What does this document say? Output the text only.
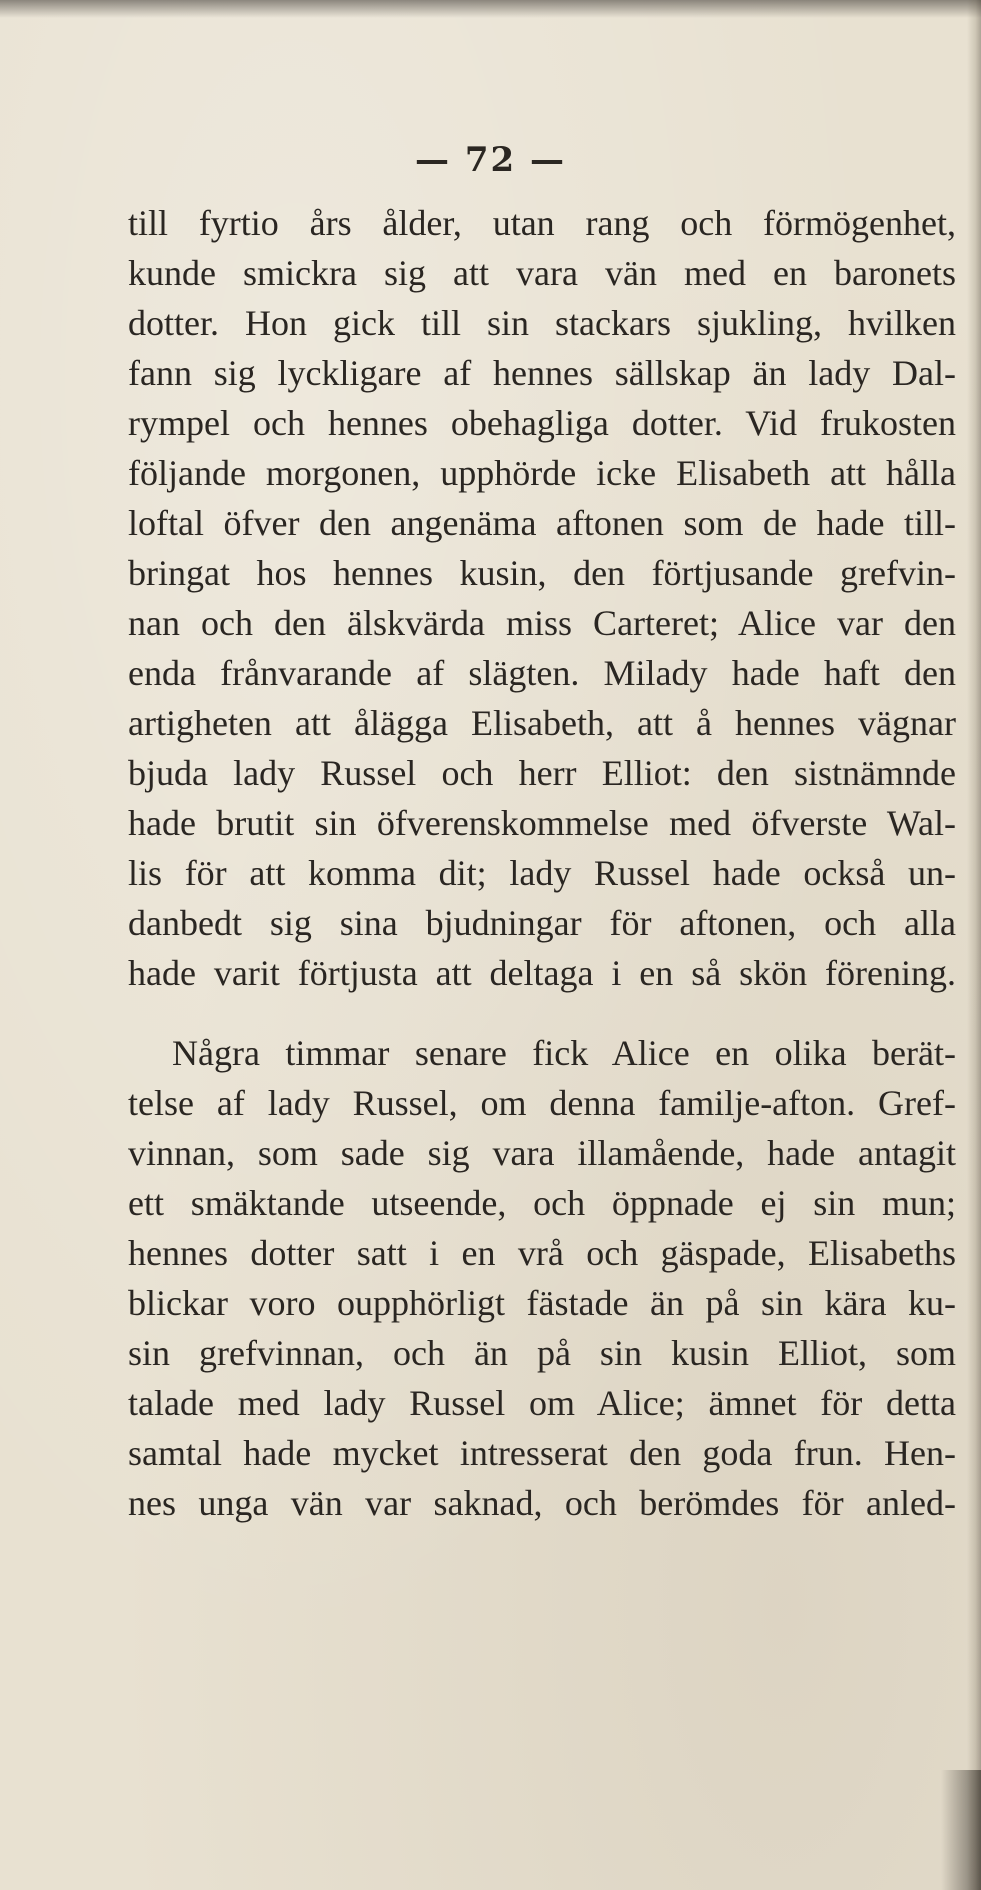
— 72 —
till fyrtio års ålder, utan rang och förmögenhet,
kunde smickra sig att vara vän med en baronets
dotter. Hon gick till sin stackars sjukling, hvilken
fann sig lyckligare af hennes sällskap än lady Dal-
rympel och hennes obehagliga dotter. Vid frukosten
följande morgonen, upphörde icke Elisabeth att hålla
loftal öfver den angenäma aftonen som de hade till-
bringat hos hennes kusin, den förtjusande grefvin-
nan och den älskvärda miss Carteret; Alice var den
enda frånvarande af slägten. Milady hade haft den
artigheten att ålägga Elisabeth, att å hennes vägnar
bjuda lady Russel och herr Elliot: den sistnämnde
hade brutit sin öfverenskommelse med öfverste Wal-
lis för att komma dit; lady Russel hade också un-
danbedt sig sina bjudningar för aftonen, och alla
hade varit förtjusta att deltaga i en så skön förening.
Några timmar senare fick Alice en olika berät-
telse af lady Russel, om denna familje-afton. Gref-
vinnan, som sade sig vara illamående, hade antagit
ett smäktande utseende, och öppnade ej sin mun;
hennes dotter satt i en vrå och gäspade, Elisabeths
blickar voro oupphörligt fästade än på sin kära ku-
sin grefvinnan, och än på sin kusin Elliot, som
talade med lady Russel om Alice; ämnet för detta
samtal hade mycket intresserat den goda frun. Hen-
nes unga vän var saknad, och berömdes för anled-
